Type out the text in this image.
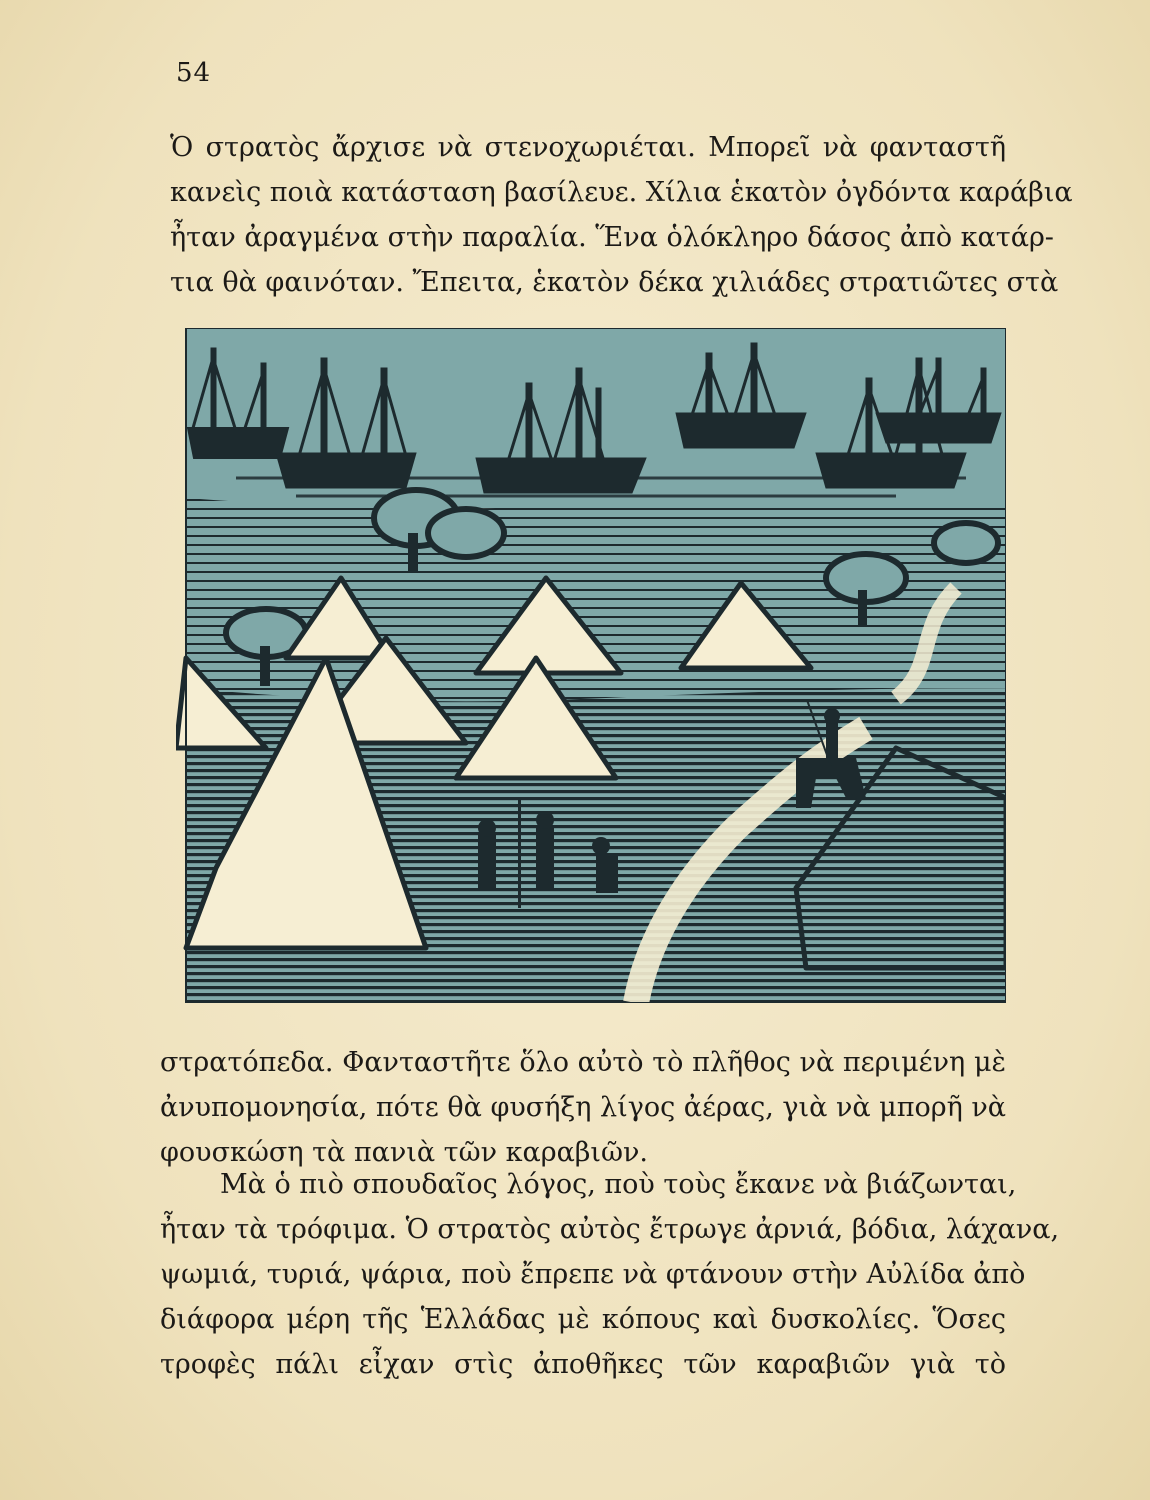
54

Ὁ στρατὸς ἄρχισε νὰ στενοχωριέται. Μπορεῖ νὰ φανταστῆ
κανεὶς ποιὰ κατάσταση βασίλευε. Χίλια ἑκατὸν ὀγδόντα καράβια
ἦταν ἀραγμένα στὴν παραλία. Ἕνα ὁλόκληρο δάσος ἀπὸ κατάρ-
τια θὰ φαινόταν. Ἔπειτα, ἑκατὸν δέκα χιλιάδες στρατιῶτες στὰ

στρατόπεδα. Φανταστῆτε ὅλο αὐτὸ τὸ πλῆθος νὰ περιμένη μὲ
ἀνυπομονησία, πότε θὰ φυσήξη λίγος ἀέρας, γιὰ νὰ μπορῆ νὰ
φουσκώση τὰ πανιὰ τῶν καραβιῶν.

Μὰ ὁ πιὸ σπουδαῖος λόγος, ποὺ τοὺς ἔκανε νὰ βιάζωνται,
ἦταν τὰ τρόφιμα. Ὁ στρατὸς αὐτὸς ἔτρωγε ἀρνιά, βόδια, λάχανα,
ψωμιά, τυριά, ψάρια, ποὺ ἔπρεπε νὰ φτάνουν στὴν Αὐλίδα ἀπὸ
διάφορα μέρη τῆς Ἑλλάδας μὲ κόπους καὶ δυσκολίες. Ὅσες
τροφὲς πάλι εἶχαν στὶς ἀποθῆκες τῶν καραβιῶν γιὰ τὸ
